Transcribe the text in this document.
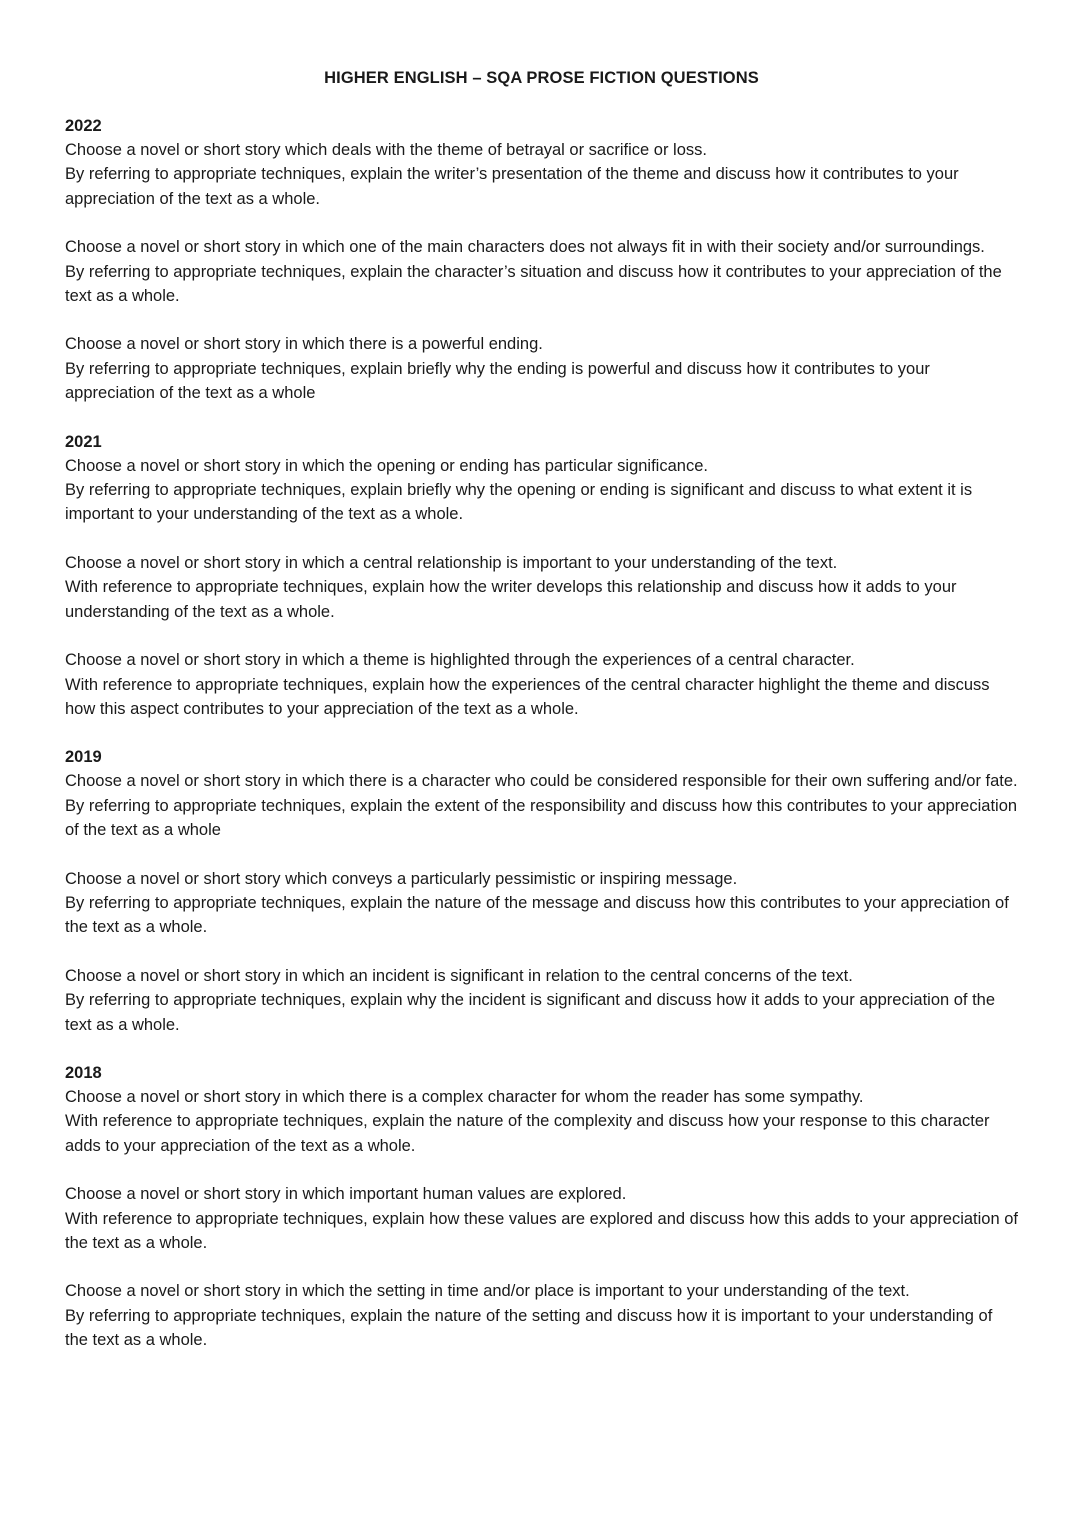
HIGHER ENGLISH – SQA PROSE FICTION QUESTIONS

2022

Choose a novel or short story which deals with the theme of betrayal or sacrifice or loss.

By referring to appropriate techniques, explain the writer’s presentation of the theme and discuss how it contributes to your appreciation of the text as a whole.

Choose a novel or short story in which one of the main characters does not always fit in with their society and/or surroundings.

By referring to appropriate techniques, explain the character’s situation and discuss how it contributes to your appreciation of the text as a whole.

Choose a novel or short story in which there is a powerful ending.

By referring to appropriate techniques, explain briefly why the ending is powerful and discuss how it contributes to your appreciation of the text as a whole

2021

Choose a novel or short story in which the opening or ending has particular significance.

By referring to appropriate techniques, explain briefly why the opening or ending is significant and discuss to what extent it is important to your understanding of the text as a whole.

Choose a novel or short story in which a central relationship is important to your understanding of the text.

With reference to appropriate techniques, explain how the writer develops this relationship and discuss how it adds to your understanding of the text as a whole.

Choose a novel or short story in which a theme is highlighted through the experiences of a central character.

With reference to appropriate techniques, explain how the experiences of the central character highlight the theme and discuss how this aspect contributes to your appreciation of the text as a whole.

2019

Choose a novel or short story in which there is a character who could be considered responsible for their own suffering and/or fate.

By referring to appropriate techniques, explain the extent of the responsibility and discuss how this contributes to your appreciation of the text as a whole

Choose a novel or short story which conveys a particularly pessimistic or inspiring message.

By referring to appropriate techniques, explain the nature of the message and discuss how this contributes to your appreciation of the text as a whole.

Choose a novel or short story in which an incident is significant in relation to the central concerns of the text.

By referring to appropriate techniques, explain why the incident is significant and discuss how it adds to your appreciation of the text as a whole.

2018

Choose a novel or short story in which there is a complex character for whom the reader has some sympathy.

With reference to appropriate techniques, explain the nature of the complexity and discuss how your response to this character adds to your appreciation of the text as a whole.

Choose a novel or short story in which important human values are explored.

With reference to appropriate techniques, explain how these values are explored and discuss how this adds to your appreciation of the text as a whole.

Choose a novel or short story in which the setting in time and/or place is important to your understanding of the text.

By referring to appropriate techniques, explain the nature of the setting and discuss how it is important to your understanding of the text as a whole.
